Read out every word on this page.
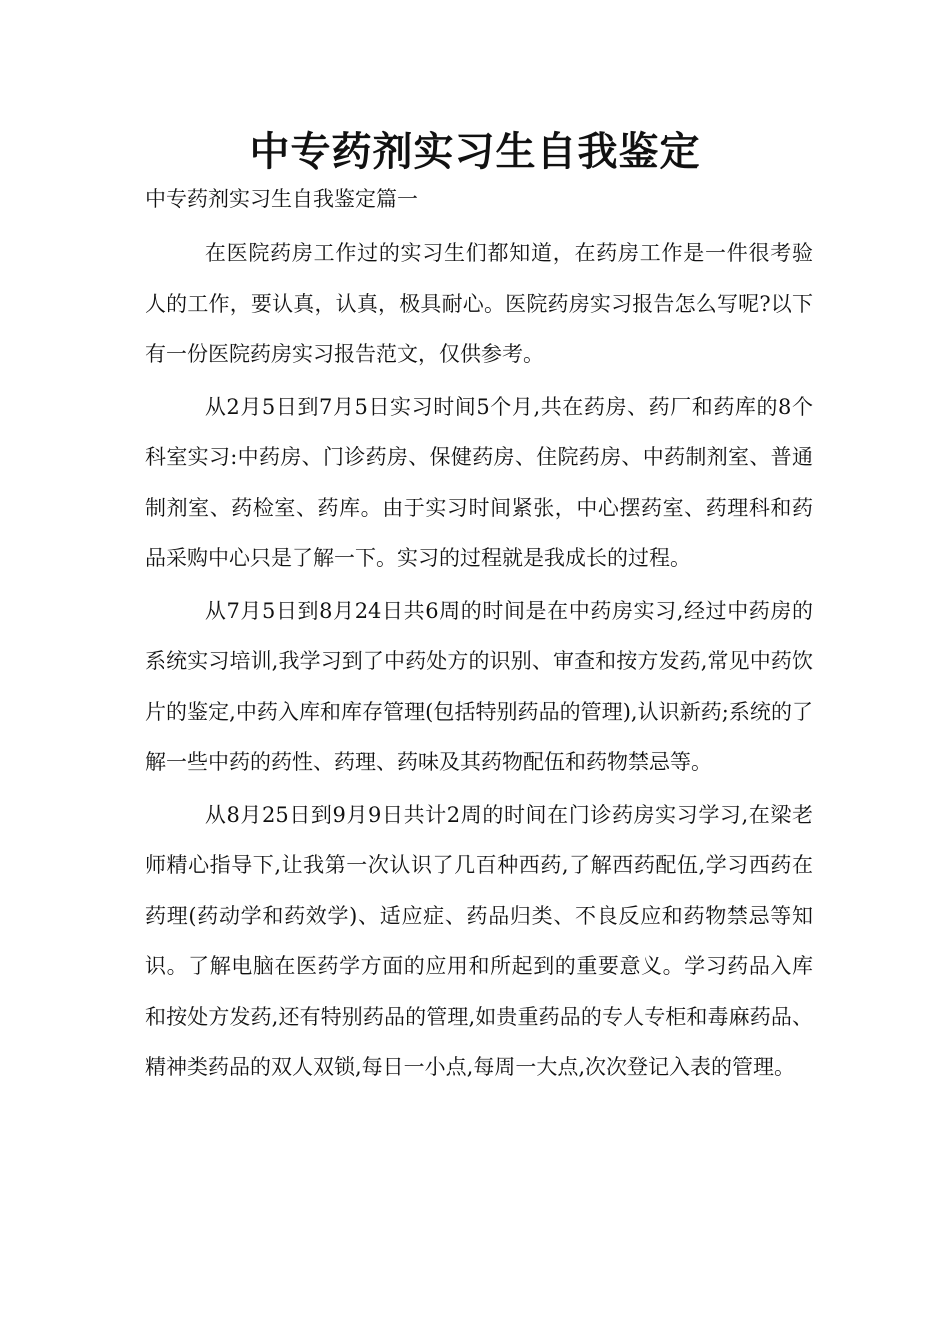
中专药剂实习生自我鉴定
中专药剂实习生自我鉴定篇一

在医院药房工作过的实习生们都知道，在药房工作是一件很考验人的工作，要认真，认真，极具耐心。医院药房实习报告怎么写呢?以下有一份医院药房实习报告范文，仅供参考。

从2月5日到7月5日实习时间5个月,共在药房、药厂和药库的8个科室实习:中药房、门诊药房、保健药房、住院药房、中药制剂室、普通制剂室、药检室、药库。由于实习时间紧张，中心摆药室、药理科和药品采购中心只是了解一下。实习的过程就是我成长的过程。

从7月5日到8月24日共6周的时间是在中药房实习,经过中药房的系统实习培训,我学习到了中药处方的识别、审查和按方发药,常见中药饮片的鉴定,中药入库和库存管理(包括特别药品的管理),认识新药;系统的了解一些中药的药性、药理、药味及其药物配伍和药物禁忌等。

从8月25日到9月9日共计2周的时间在门诊药房实习学习,在梁老师精心指导下,让我第一次认识了几百种西药,了解西药配伍,学习西药在药理(药动学和药效学)、适应症、药品归类、不良反应和药物禁忌等知识。了解电脑在医药学方面的应用和所起到的重要意义。学习药品入库和按处方发药,还有特别药品的管理,如贵重药品的专人专柜和毒麻药品、精神类药品的双人双锁,每日一小点,每周一大点,次次登记入表的管理。
